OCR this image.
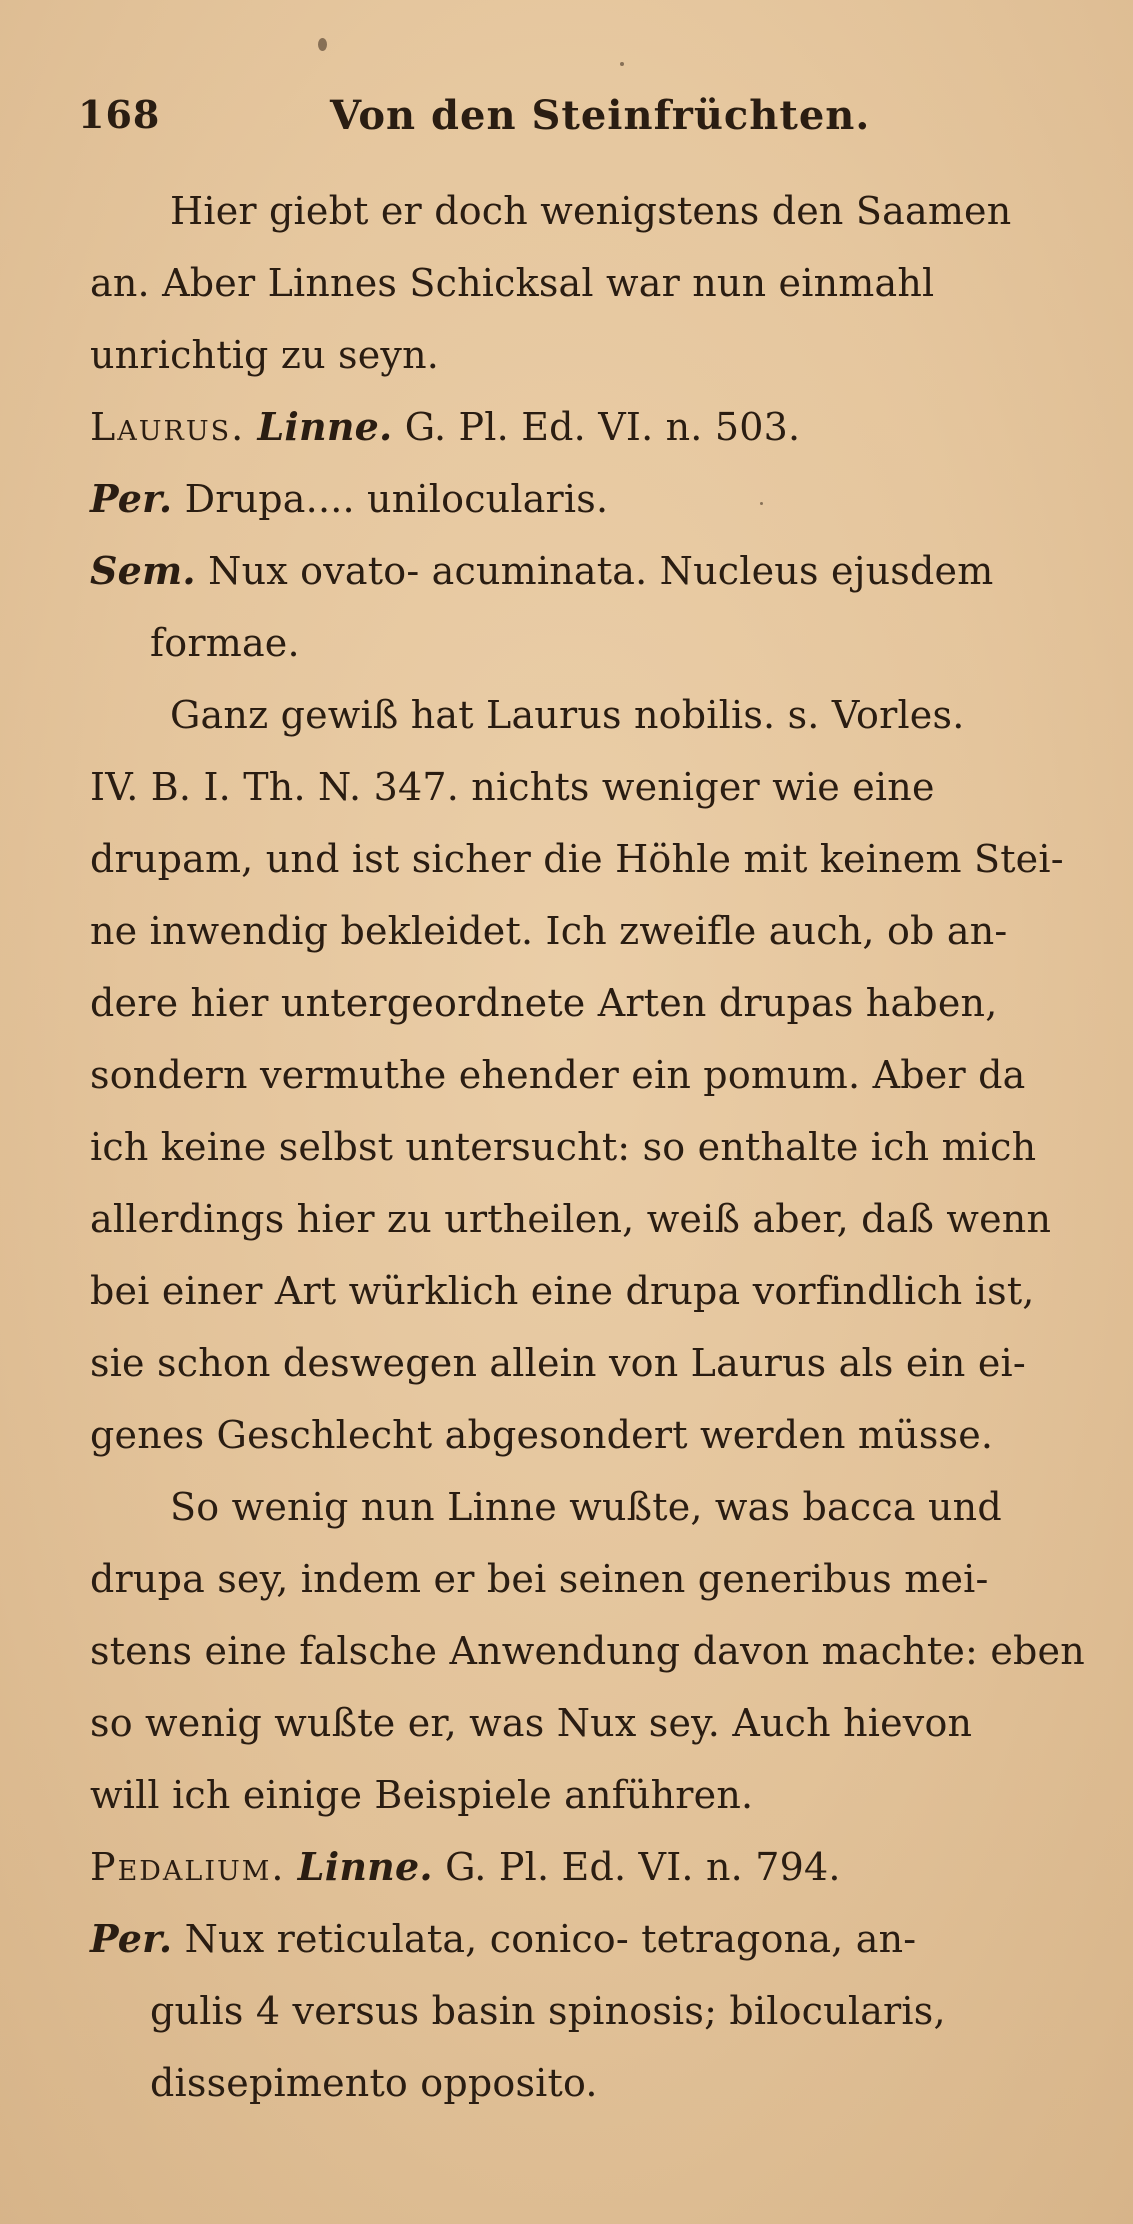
168	Von den Steinfrüchten.
Hier giebt er doch wenigstens den Saamen
an. Aber Linnes Schicksal war nun einmahl
unrichtig zu seyn.
Laurus. Linne. G. Pl. Ed. VI. n. 503.
Per. Drupa.... unilocularis.
Sem. Nux ovato- acuminata. Nucleus ejusdem
formae.
Ganz gewiß hat Laurus nobilis. s. Vorles.
IV. B. I. Th. N. 347. nichts weniger wie eine
drupam, und ist sicher die Höhle mit keinem Stei-
ne inwendig bekleidet. Ich zweifle auch, ob an-
dere hier untergeordnete Arten drupas haben,
sondern vermuthe ehender ein pomum. Aber da
ich keine selbst untersucht: so enthalte ich mich
allerdings hier zu urtheilen, weiß aber, daß wenn
bei einer Art würklich eine drupa vorfindlich ist,
sie schon deswegen allein von Laurus als ein ei-
genes Geschlecht abgesondert werden müsse.
So wenig nun Linne wußte, was bacca und
drupa sey, indem er bei seinen generibus mei-
stens eine falsche Anwendung davon machte: eben
so wenig wußte er, was Nux sey. Auch hievon
will ich einige Beispiele anführen.
Pedalium. Linne. G. Pl. Ed. VI. n. 794.
Per. Nux reticulata, conico- tetragona, an-
gulis 4 versus basin spinosis; bilocularis,
dissepimento opposito.
